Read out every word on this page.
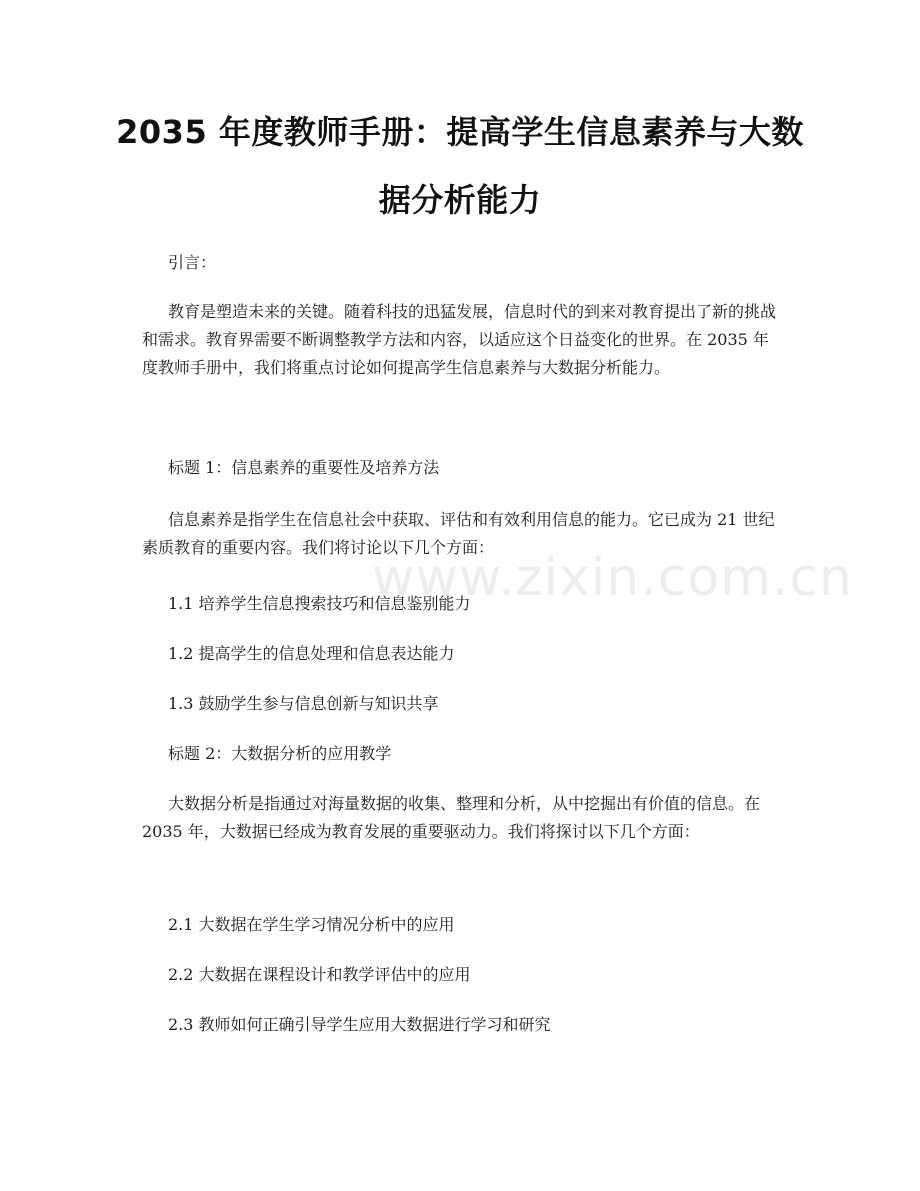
2035 年度教师手册：提高学生信息素养与大数据分析能力

引言：

教育是塑造未来的关键。随着科技的迅猛发展，信息时代的到来对教育提出了新的挑战和需求。教育界需要不断调整教学方法和内容，以适应这个日益变化的世界。在 2035 年度教师手册中，我们将重点讨论如何提高学生信息素养与大数据分析能力。

标题 1：信息素养的重要性及培养方法

信息素养是指学生在信息社会中获取、评估和有效利用信息的能力。它已成为 21 世纪素质教育的重要内容。我们将讨论以下几个方面：

1.1 培养学生信息搜索技巧和信息鉴别能力

1.2 提高学生的信息处理和信息表达能力

1.3 鼓励学生参与信息创新与知识共享

标题 2：大数据分析的应用教学

大数据分析是指通过对海量数据的收集、整理和分析，从中挖掘出有价值的信息。在 2035 年，大数据已经成为教育发展的重要驱动力。我们将探讨以下几个方面：

2.1 大数据在学生学习情况分析中的应用

2.2 大数据在课程设计和教学评估中的应用

2.3 教师如何正确引导学生应用大数据进行学习和研究

www.zixin.com.cn
